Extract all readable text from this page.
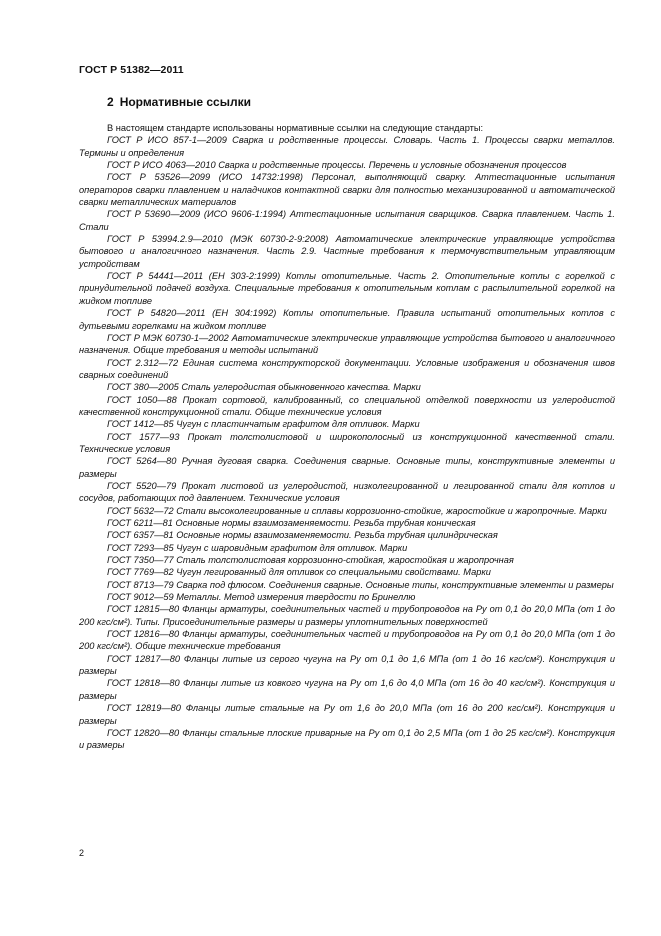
ГОСТ Р 51382—2011
2 Нормативные ссылки

В настоящем стандарте использованы нормативные ссылки на следующие стандарты:

ГОСТ Р ИСО 857-1—2009 Сварка и родственные процессы. Словарь. Часть 1. Процессы сварки металлов. Термины и определения

ГОСТ Р ИСО 4063—2010 Сварка и родственные процессы. Перечень и условные обозначения процессов

ГОСТ Р 53526—2099 (ИСО 14732:1998) Персонал, выполняющий сварку. Аттестационные испытания операторов сварки плавлением и наладчиков контактной сварки для полностью механизированной и автоматической сварки металлических материалов

ГОСТ Р 53690—2009 (ИСО 9606-1:1994) Аттестационные испытания сварщиков. Сварка плавлением. Часть 1. Стали

ГОСТ Р 53994.2.9—2010 (МЭК 60730-2-9:2008) Автоматические электрические управляющие устройства бытового и аналогичного назначения. Часть 2.9. Частные требования к термочувствительным управляющим устройствам

ГОСТ Р 54441—2011 (ЕН 303-2:1999) Котлы отопительные. Часть 2. Отопительные котлы с горелкой с принудительной подачей воздуха. Специальные требования к отопительным котлам с распылительной горелкой на жидком топливе

ГОСТ Р 54820—2011 (ЕН 304:1992) Котлы отопительные. Правила испытаний отопительных котлов с дутьевыми горелками на жидком топливе

ГОСТ Р МЭК 60730-1—2002 Автоматические электрические управляющие устройства бытового и аналогичного назначения. Общие требования и методы испытаний

ГОСТ 2.312—72 Единая система конструкторской документации. Условные изображения и обозначения швов сварных соединений

ГОСТ 380—2005 Сталь углеродистая обыкновенного качества. Марки

ГОСТ 1050—88 Прокат сортовой, калиброванный, со специальной отделкой поверхности из углеродистой качественной конструкционной стали. Общие технические условия

ГОСТ 1412—85 Чугун с пластинчатым графитом для отливок. Марки

ГОСТ 1577—93 Прокат толстолистовой и широкополосный из конструкционной качественной стали. Технические условия

ГОСТ 5264—80 Ручная дуговая сварка. Соединения сварные. Основные типы, конструктивные элементы и размеры

ГОСТ 5520—79 Прокат листовой из углеродистой, низколегированной и легированной стали для котлов и сосудов, работающих под давлением. Технические условия

ГОСТ 5632—72 Стали высоколегированные и сплавы коррозионно-стойкие, жаростойкие и жаропрочные. Марки

ГОСТ 6211—81 Основные нормы взаимозаменяемости. Резьба трубная коническая

ГОСТ 6357—81 Основные нормы взаимозаменяемости. Резьба трубная цилиндрическая

ГОСТ 7293—85 Чугун с шаровидным графитом для отливок. Марки

ГОСТ 7350—77 Сталь толстолистовая коррозионно-стойкая, жаростойкая и жаропрочная

ГОСТ 7769—82 Чугун легированный для отливок со специальными свойствами. Марки

ГОСТ 8713—79 Сварка под флюсом. Соединения сварные. Основные типы, конструктивные элементы и размеры

ГОСТ 9012—59 Металлы. Метод измерения твердости по Бринеллю

ГОСТ 12815—80 Фланцы арматуры, соединительных частей и трубопроводов на Pу от 0,1 до 20,0 МПа (от 1 до 200 кгс/см²). Типы. Присоединительные размеры и размеры уплотнительных поверхностей

ГОСТ 12816—80 Фланцы арматуры, соединительных частей и трубопроводов на Pу от 0,1 до 20,0 МПа (от 1 до 200 кгс/см²). Общие технические требования

ГОСТ 12817—80 Фланцы литые из серого чугуна на Pу от 0,1 до 1,6 МПа (от 1 до 16 кгс/см²). Конструкция и размеры

ГОСТ 12818—80 Фланцы литые из ковкого чугуна на Pу от 1,6 до 4,0 МПа (от 16 до 40 кгс/см²). Конструкция и размеры

ГОСТ 12819—80 Фланцы литые стальные на Pу от 1,6 до 20,0 МПа (от 16 до 200 кгс/см²). Конструкция и размеры

ГОСТ 12820—80 Фланцы стальные плоские приварные на Pу от 0,1 до 2,5 МПа (от 1 до 25 кгс/см²). Конструкция и размеры

2
